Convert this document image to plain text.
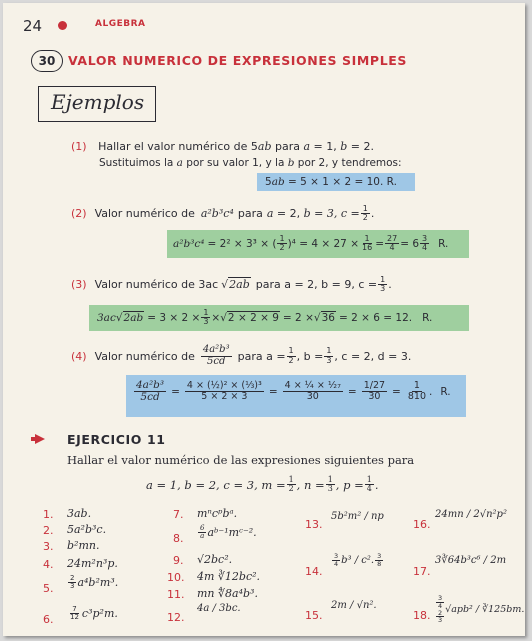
24	ALGEBRA
30	VALOR NUMERICO DE EXPRESIONES SIMPLES
Ejemplos
(1) Hallar el valor numérico de 5ab para a = 1, b = 2.
Sustituimos la a por su valor 1, y la b por 2, y tendremos:
5ab = 5 × 1 × 2 = 10. R.
(2) Valor numérico de a²b³c⁴ para a = 2, b = 3, $c = \frac{1}{2}$ .
a²b³c⁴ = 2² × 3³ × ( $\frac{1}{2} )^4 = 4 \times 27 \times \frac{1}{16} = \frac{27}{4} = 6 \frac{3}{4} R$.
(3) Valor numérico de 3ac √2ab para a = 2, b = 9, $c = \frac{1}{3}$ .
3ac $√2ab = 3 \times 2 \times \frac{1}{3} \times √2 \times 2 \times 9 = 2 \times √36 = 2 \times 6 = 12$. R.
(4) Valor numérico de $\frac{\text{4a²b³}}{5cd}$ para $a = \frac{1}{2}$ , $b = \frac{1}{3}$ , c = 2, d = 3.
$\frac{\text{4a²b³}}{5cd} = \frac{\text{4 × (½)² × (⅓)³}}{5 \times 2 \times 3} = \frac{\text{4 × ¼ × ¹⁄₂₇}}{30} = \frac{1/27}{30} = \frac{1}{810}$ . R.
EJERCICIO 11
Hallar el valor numérico de las expresiones siguientes para
a = 1, b = 2, c = 3, $m = \frac{1}{2}$ , $n = \frac{1}{3}$ , $p = \frac{1}{4}$ .
1. 3ab.
2. 5a²b³c.
3. b²mn.
4. 24m²n³p.
5. $\frac{2}{3} a^4b^2m^3$.
6. $\frac{7}{12} c^3p^2m$.
7. mⁿcᵖbᵃ.
8. $\frac{6}{a}$ aᵇ⁻¹mᶜ⁻².
9. √2bc².
10. 4m ∛12bc².
11. mn ∜8a⁴b³.
12.
4a / 3bc.
13.
5b²m² / np
14.
$\frac{3}{4} b^3 / c^2$. $\frac{3}{8}$
15.
2m / √n².
16.
24mn / 2√n²p²
17.
3∛64b³c⁶ / 2m
18.
3
4
2
3
√apb² / ∛125bm.
